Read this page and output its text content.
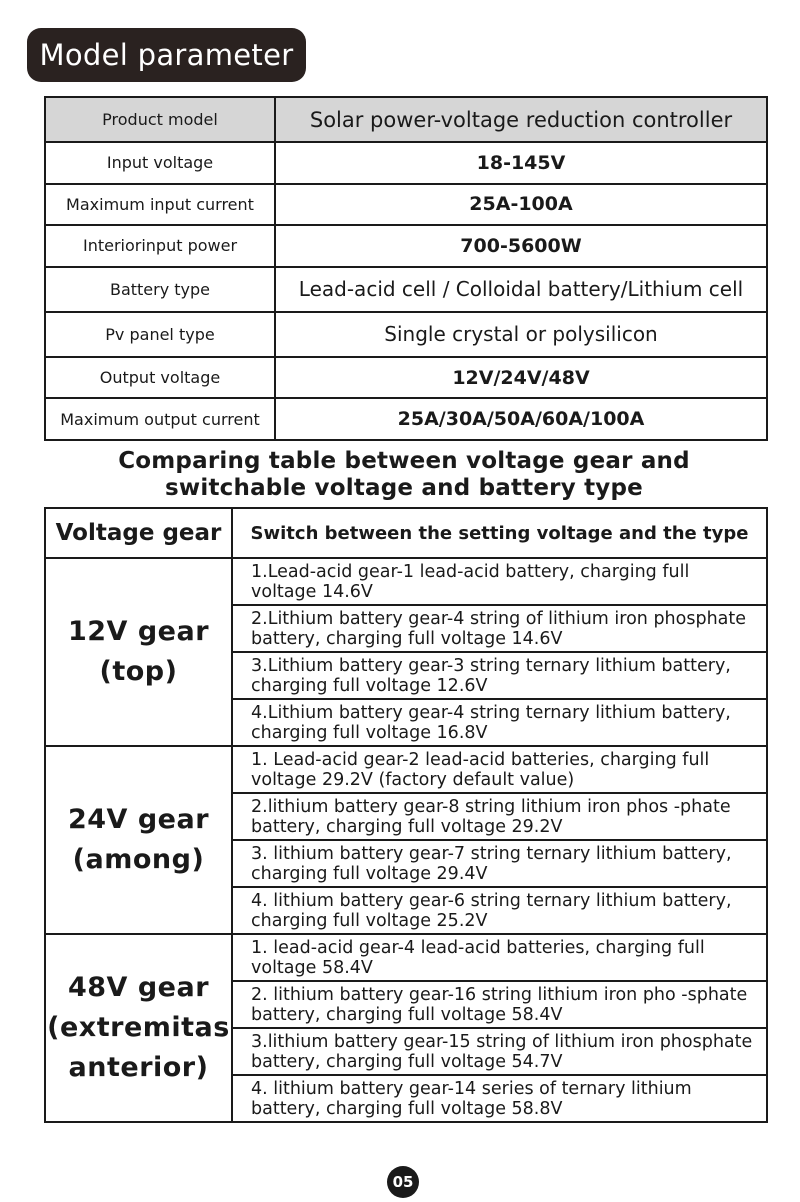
Model parameter
Product model	Solar power-voltage reduction controller
Input voltage	18-145V
Maximum input current	25A-100A
Interiorinput power	700-5600W
Battery type	Lead-acid cell / Colloidal battery/Lithium cell
Pv panel type	Single crystal or polysilicon
Output voltage	12V/24V/48V
Maximum output current	25A/30A/50A/60A/100A
Comparing table between voltage gear and
switchable voltage and battery type
Voltage gear	Switch between the setting voltage and the type

12V gear
(top)	1.Lead-acid gear-1 lead-acid battery, charging full voltage 14.6V
	2.Lithium battery gear-4 string of lithium iron phosphate battery, charging full voltage 14.6V
	3.Lithium battery gear-3 string ternary lithium battery, charging full voltage 12.6V
	4.Lithium battery gear-4 string ternary lithium battery, charging full voltage 16.8V

24V gear
(among)	1. Lead-acid gear-2 lead-acid batteries, charging full voltage 29.2V (factory default value)
	2.lithium battery gear-8 string lithium iron phos -phate battery, charging full voltage 29.2V
	3. lithium battery gear-7 string ternary lithium battery, charging full voltage 29.4V
	4. lithium battery gear-6 string ternary lithium battery, charging full voltage 25.2V

48V gear
(extremitas
anterior)	1. lead-acid gear-4 lead-acid batteries, charging full voltage 58.4V
	2. lithium battery gear-16 string lithium iron pho -sphate battery, charging full voltage 58.4V
	3.lithium battery gear-15 string of lithium iron phosphate battery, charging full voltage 54.7V
	4. lithium battery gear-14 series of ternary lithium battery, charging full voltage 58.8V
05
